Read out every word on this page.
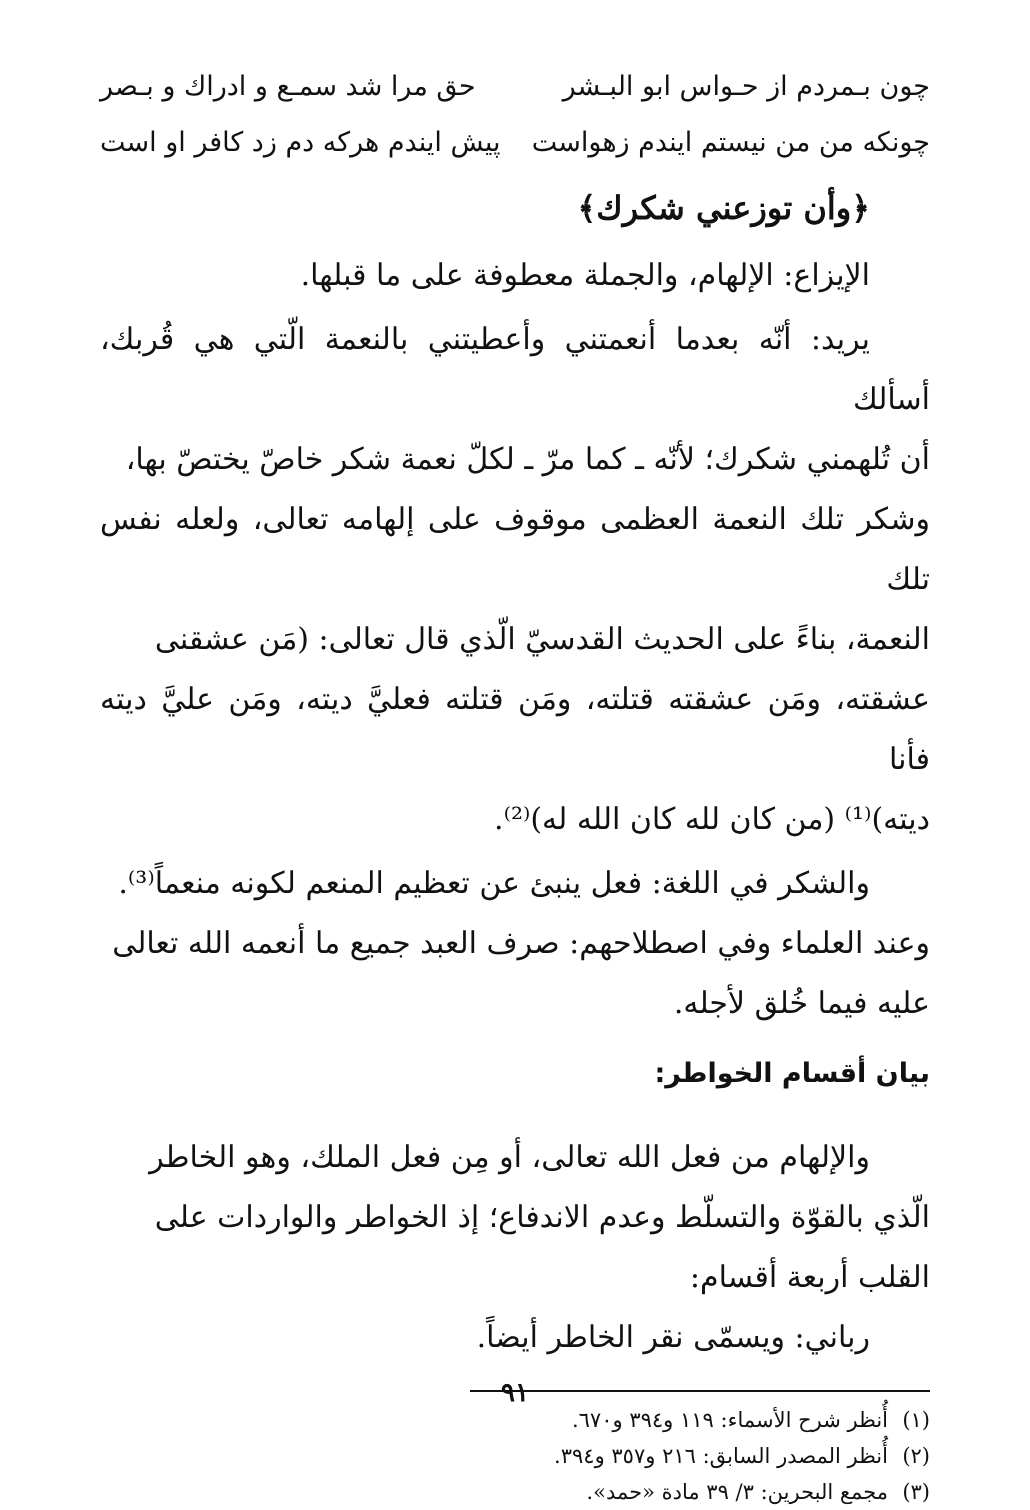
چون بـمردم از حـواس ابو البـشر
حق مرا شد سمـع و ادراك و بـصر
چونكه من من نيستم ايندم زهواست
پيش ايندم هركه دم زد كافر او است
﴿وأن توزعني شكرك﴾

الإيزاع: الإلهام، والجملة معطوفة على ما قبلها.

يريد: أنّه بعدما أنعمتني وأعطيتني بالنعمة الّتي هي قُربك، أسألك

أن تُلهمني شكرك؛ لأنّه ـ كما مرّ ـ لكلّ نعمة شكر خاصّ يختصّ بها،

وشكر تلك النعمة العظمى موقوف على إلهامه تعالى، ولعله نفس تلك

النعمة، بناءً على الحديث القدسيّ الّذي قال تعالى: (مَن عشقنى

عشقته، ومَن عشقته قتلته، ومَن قتلته فعليَّ ديته، ومَن عليَّ ديته فأنا

ديته)⁽¹⁾ (من كان لله كان الله له)⁽²⁾.

والشكر في اللغة: فعل ينبئ عن تعظيم المنعم لكونه منعماً⁽³⁾.

وعند العلماء وفي اصطلاحهم: صرف العبد جميع ما أنعمه الله تعالى

عليه فيما خُلق لأجله.

بيان أقسام الخواطر:

والإلهام من فعل الله تعالى، أو مِن فعل الملك، وهو الخاطر

الّذي بالقوّة والتسلّط وعدم الاندفاع؛ إذ الخواطر والواردات على

القلب أربعة أقسام:

رباني: ويسمّى نقر الخاطر أيضاً.

(١)
أُنظر شرح الأسماء: ١١٩ و٣٩٤ و٦٧٠.
(٢)
أُنظر المصدر السابق: ٢١٦ و٣٥٧ و٣٩٤.
(٣)
مجمع البحرين: ٣/ ٣٩ مادة «حمد».
٩١
